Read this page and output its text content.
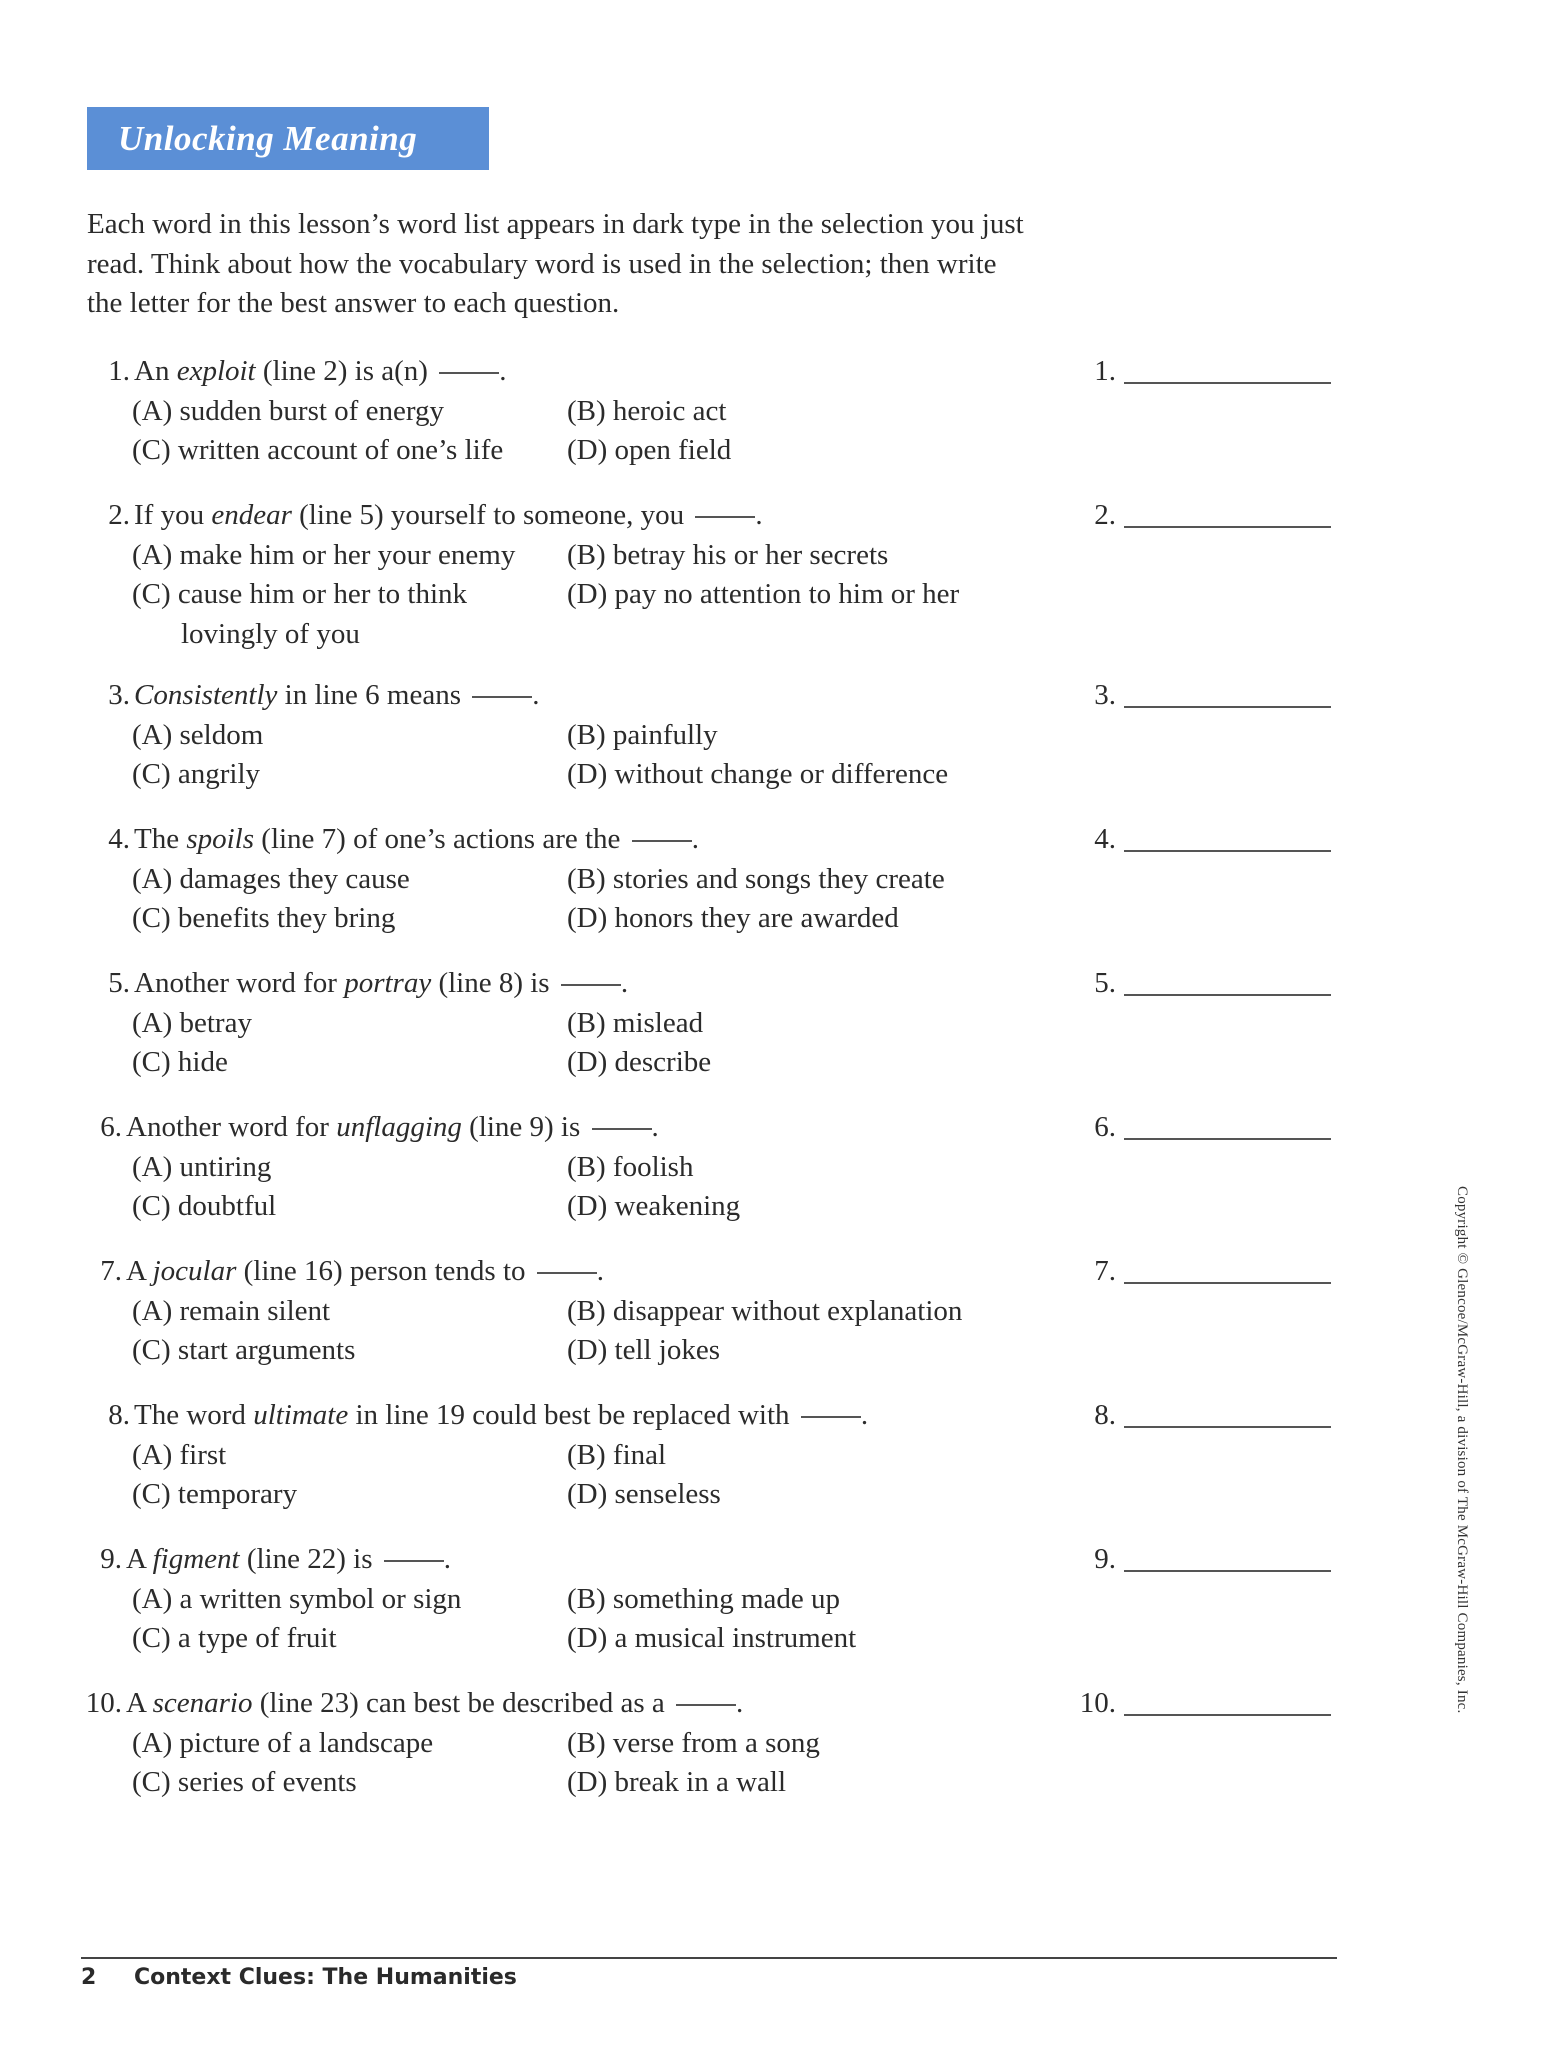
Unlocking Meaning

Each word in this lesson’s word list appears in dark type in the selection you just read. Think about how the vocabulary word is used in the selection; then write the letter for the best answer to each question.

1. An exploit (line 2) is a(n) .
(A) sudden burst of energy	(B) heroic act
(C) written account of one’s life (D) open field
1.
2. If you endear (line 5) yourself to someone, you .
(A) make him or her your enemy (B) betray his or her secrets
(C) cause him or her to think	(D) pay no attention to him or her
lovingly of you
2.
3. Consistently in line 6 means .
(A) seldom	(B) painfully
(C) angrily	(D) without change or difference
3.
4. The spoils (line 7) of one’s actions are the .
(A) damages they cause	(B) stories and songs they create
(C) benefits they bring	(D) honors they are awarded
4.
5. Another word for portray (line 8) is .
(A) betray	(B) mislead
(C) hide	(D) describe
5.
6. Another word for unflagging (line 9) is .
(A) untiring	(B) foolish
(C) doubtful	(D) weakening
6.
7. A jocular (line 16) person tends to .
(A) remain silent	(B) disappear without explanation
(C) start arguments	(D) tell jokes
7.
8. The word ultimate in line 19 could best be replaced with .
(A) first	(B) final
(C) temporary	(D) senseless
8.
9. A figment (line 22) is .
(A) a written symbol or sign	(B) something made up
(C) a type of fruit	(D) a musical instrument
9.
10. A scenario (line 23) can best be described as a .
(A) picture of a landscape	(B) verse from a song
(C) series of events	(D) break in a wall
10.
2 Context Clues: The Humanities
Copyright © Glencoe/McGraw-Hill, a division of The McGraw-Hill Companies, Inc.
